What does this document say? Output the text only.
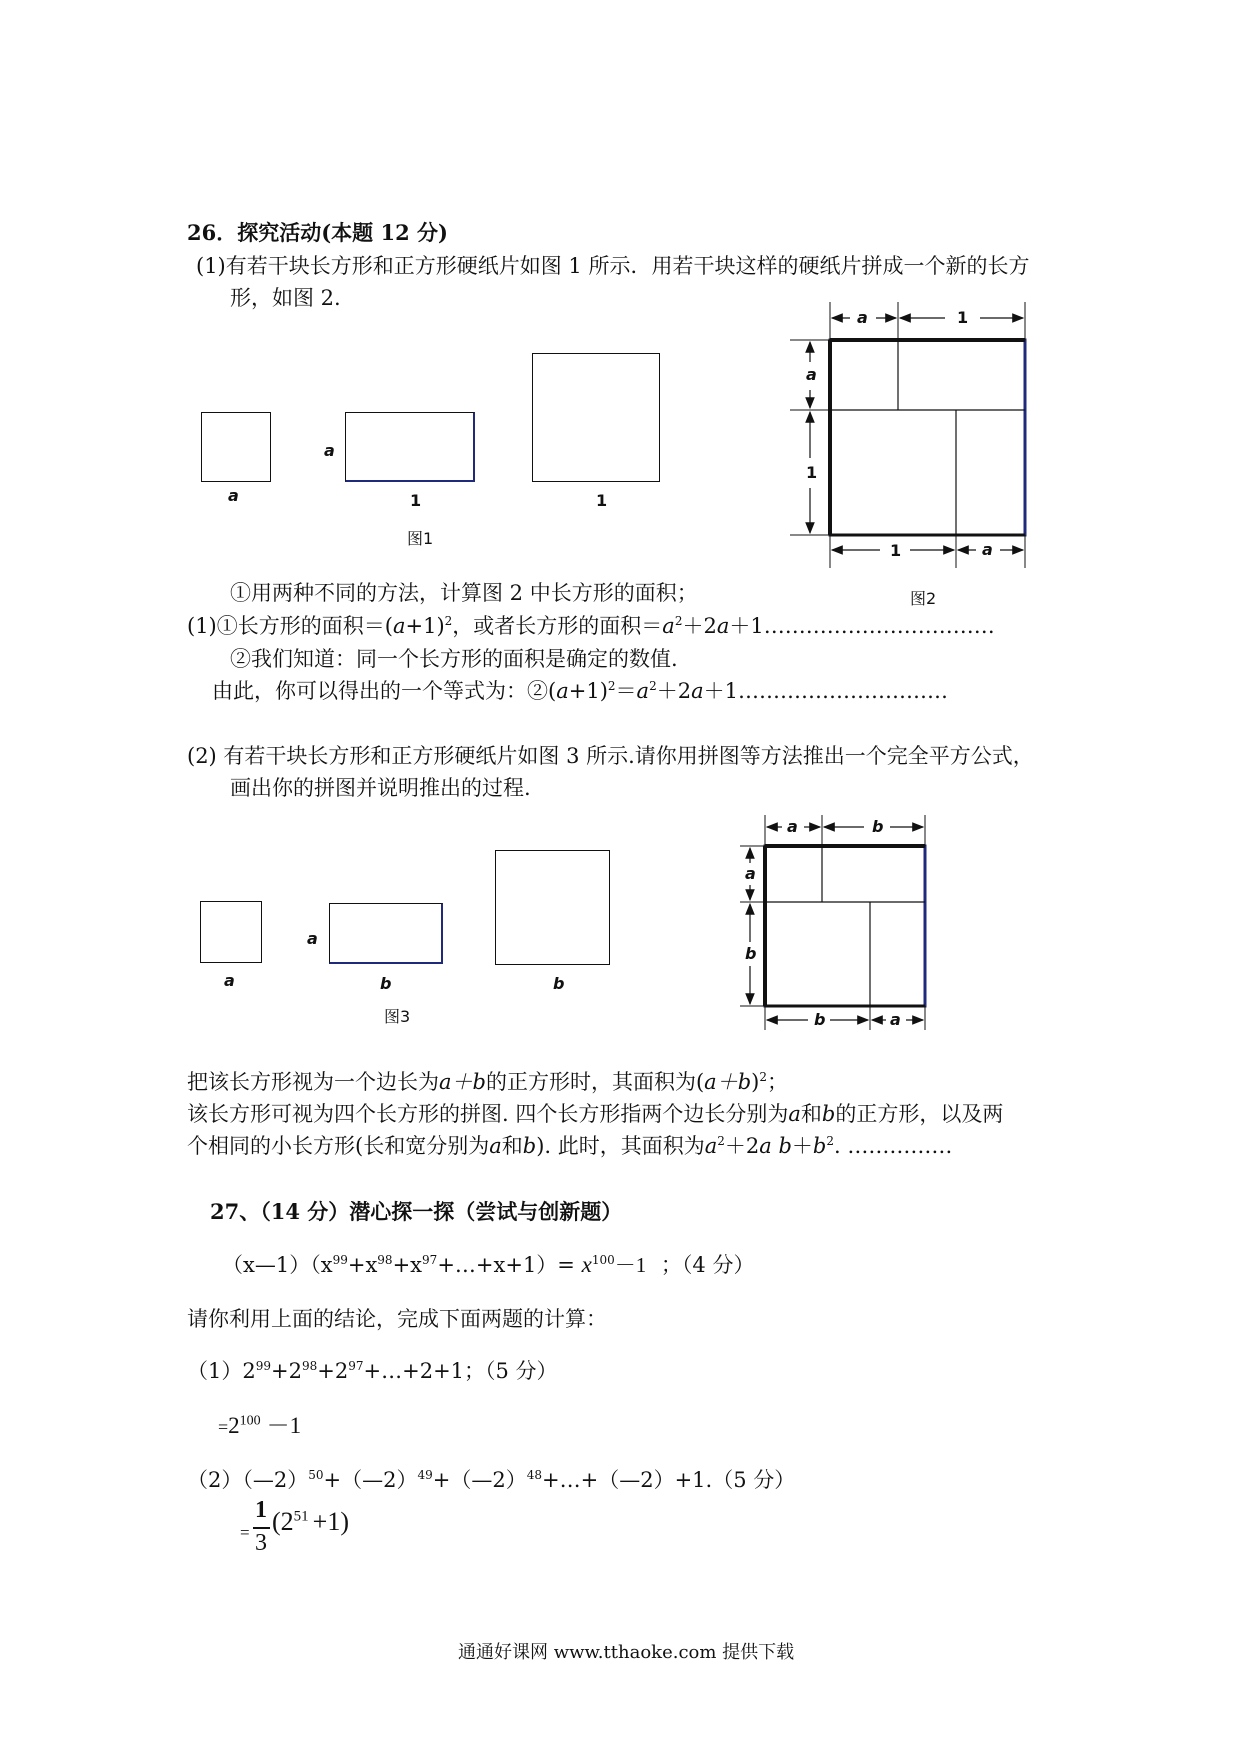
26．探究活动(本题 12 分)
(1)有若干块长方形和正方形硬纸片如图 1 所示．用若干块这样的硬纸片拼成一个新的长方
形，如图 2.
a
a
1	1
图1
a	1
a
1
1	a
图2
①用两种不同的方法，计算图 2 中长方形的面积；
(1)①长方形的面积$=(a+1)^2$，或者长方形的面积$=a^2+2a+1\dots\dots\dots\dots\dots\dots\dots\dots\dots\dots\dots$
②我们知道：同一个长方形的面积是确定的数值.
由此，你可以得出的一个等式为：$②(a+1)^2=a^2+2a+1\dots\dots\dots\dots\dots\dots\dots\dots\dots\dots$
(2) 有若干块长方形和正方形硬纸片如图 3 所示.请你用拼图等方法推出一个完全平方公式，
画出你的拼图并说明推出的过程.
a
a
b	b
图3
a	b
a
b
b	a
把该长方形视为一个边长为a＋b的正方形时，其面积为$(a+b)^2$；
该长方形可视为四个长方形的拼图. 四个长方形指两个边长分别为a和b的正方形，以及两
个相同的小长方形(长和宽分别为a和b). 此时，其面积为$a^2+2a$ $b+b^2$. ……………
27、（14 分）潜心探一探（尝试与创新题）
$(x—1)(x^{99}+x^{98}+x^{97}+\dots+x+1)= x^{100}-1$ ；（4 分）
请你利用上面的结论，完成下面两题的计算：
$(1)2^{99}+2^{98}+2^{97}+\dots+2+1$；（5 分）
$=2^{100} -1$
（2）（—2）$^{50}$+（—2）$^{49}$+（—2）$^{48}$+…+（—2）+1.（5 分）
=
1
3
$(2^{51} +1)$
通通好课网 www.tthaoke.com 提供下载
